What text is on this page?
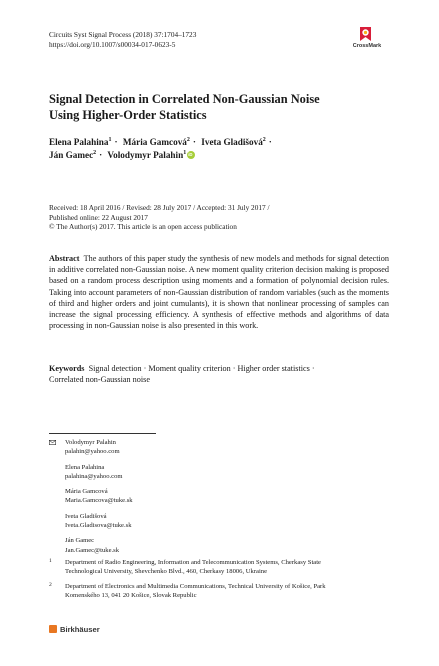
Circuits Syst Signal Process (2018) 37:1704–1723
https://doi.org/10.1007/s00034-017-0623-5	CrossMark
Signal Detection in Correlated Non-Gaussian Noise
Using Higher-Order Statistics
Elena Palahina$^1$ · Mária Gamcová$^2$ · Iveta Gladišová$^2$ ·
Ján Gamec$^2$ · Volodymyr Palahin$^1$iD
Received: 18 April 2016 / Revised: 28 July 2017 / Accepted: 31 July 2017 /
Published online: 22 August 2017
© The Author(s) 2017. This article is an open access publication
Abstract The authors of this paper study the synthesis of new models and methods for signal detection in additive correlated non-Gaussian noise. A new moment quality criterion decision making is proposed based on a random process description using moments and a formation of polynomial decision rules. Taking into account parameters of non-Gaussian distribution of random variables (such as the moments of third and higher orders and joint cumulants), it is shown that nonlinear processing of samples can increase the signal processing efficiency. A synthesis of effective methods and algorithms of data processing in non-Gaussian noise is also presented in this work.
Keywords Signal detection · Moment quality criterion · Higher order statistics ·
Correlated non-Gaussian noise
Volodymyr Palahin
palahin@yahoo.com
Elena Palahina
palahina@yahoo.com
Mária Gamcová
Maria.Gamcova@tuke.sk
Iveta Gladišová
Iveta.Gladisova@tuke.sk
Ján Gamec
Jan.Gamec@tuke.sk
1 Department of Radio Engineering, Information and Telecommunication Systems, Cherkasy State
Technological University, Shevchenko Blvd., 460, Cherkasy 18006, Ukraine
2 Department of Electronics and Multimedia Communications, Technical University of Košice, Park
Komenského 13, 041 20 Košice, Slovak Republic
Birkhäuser
